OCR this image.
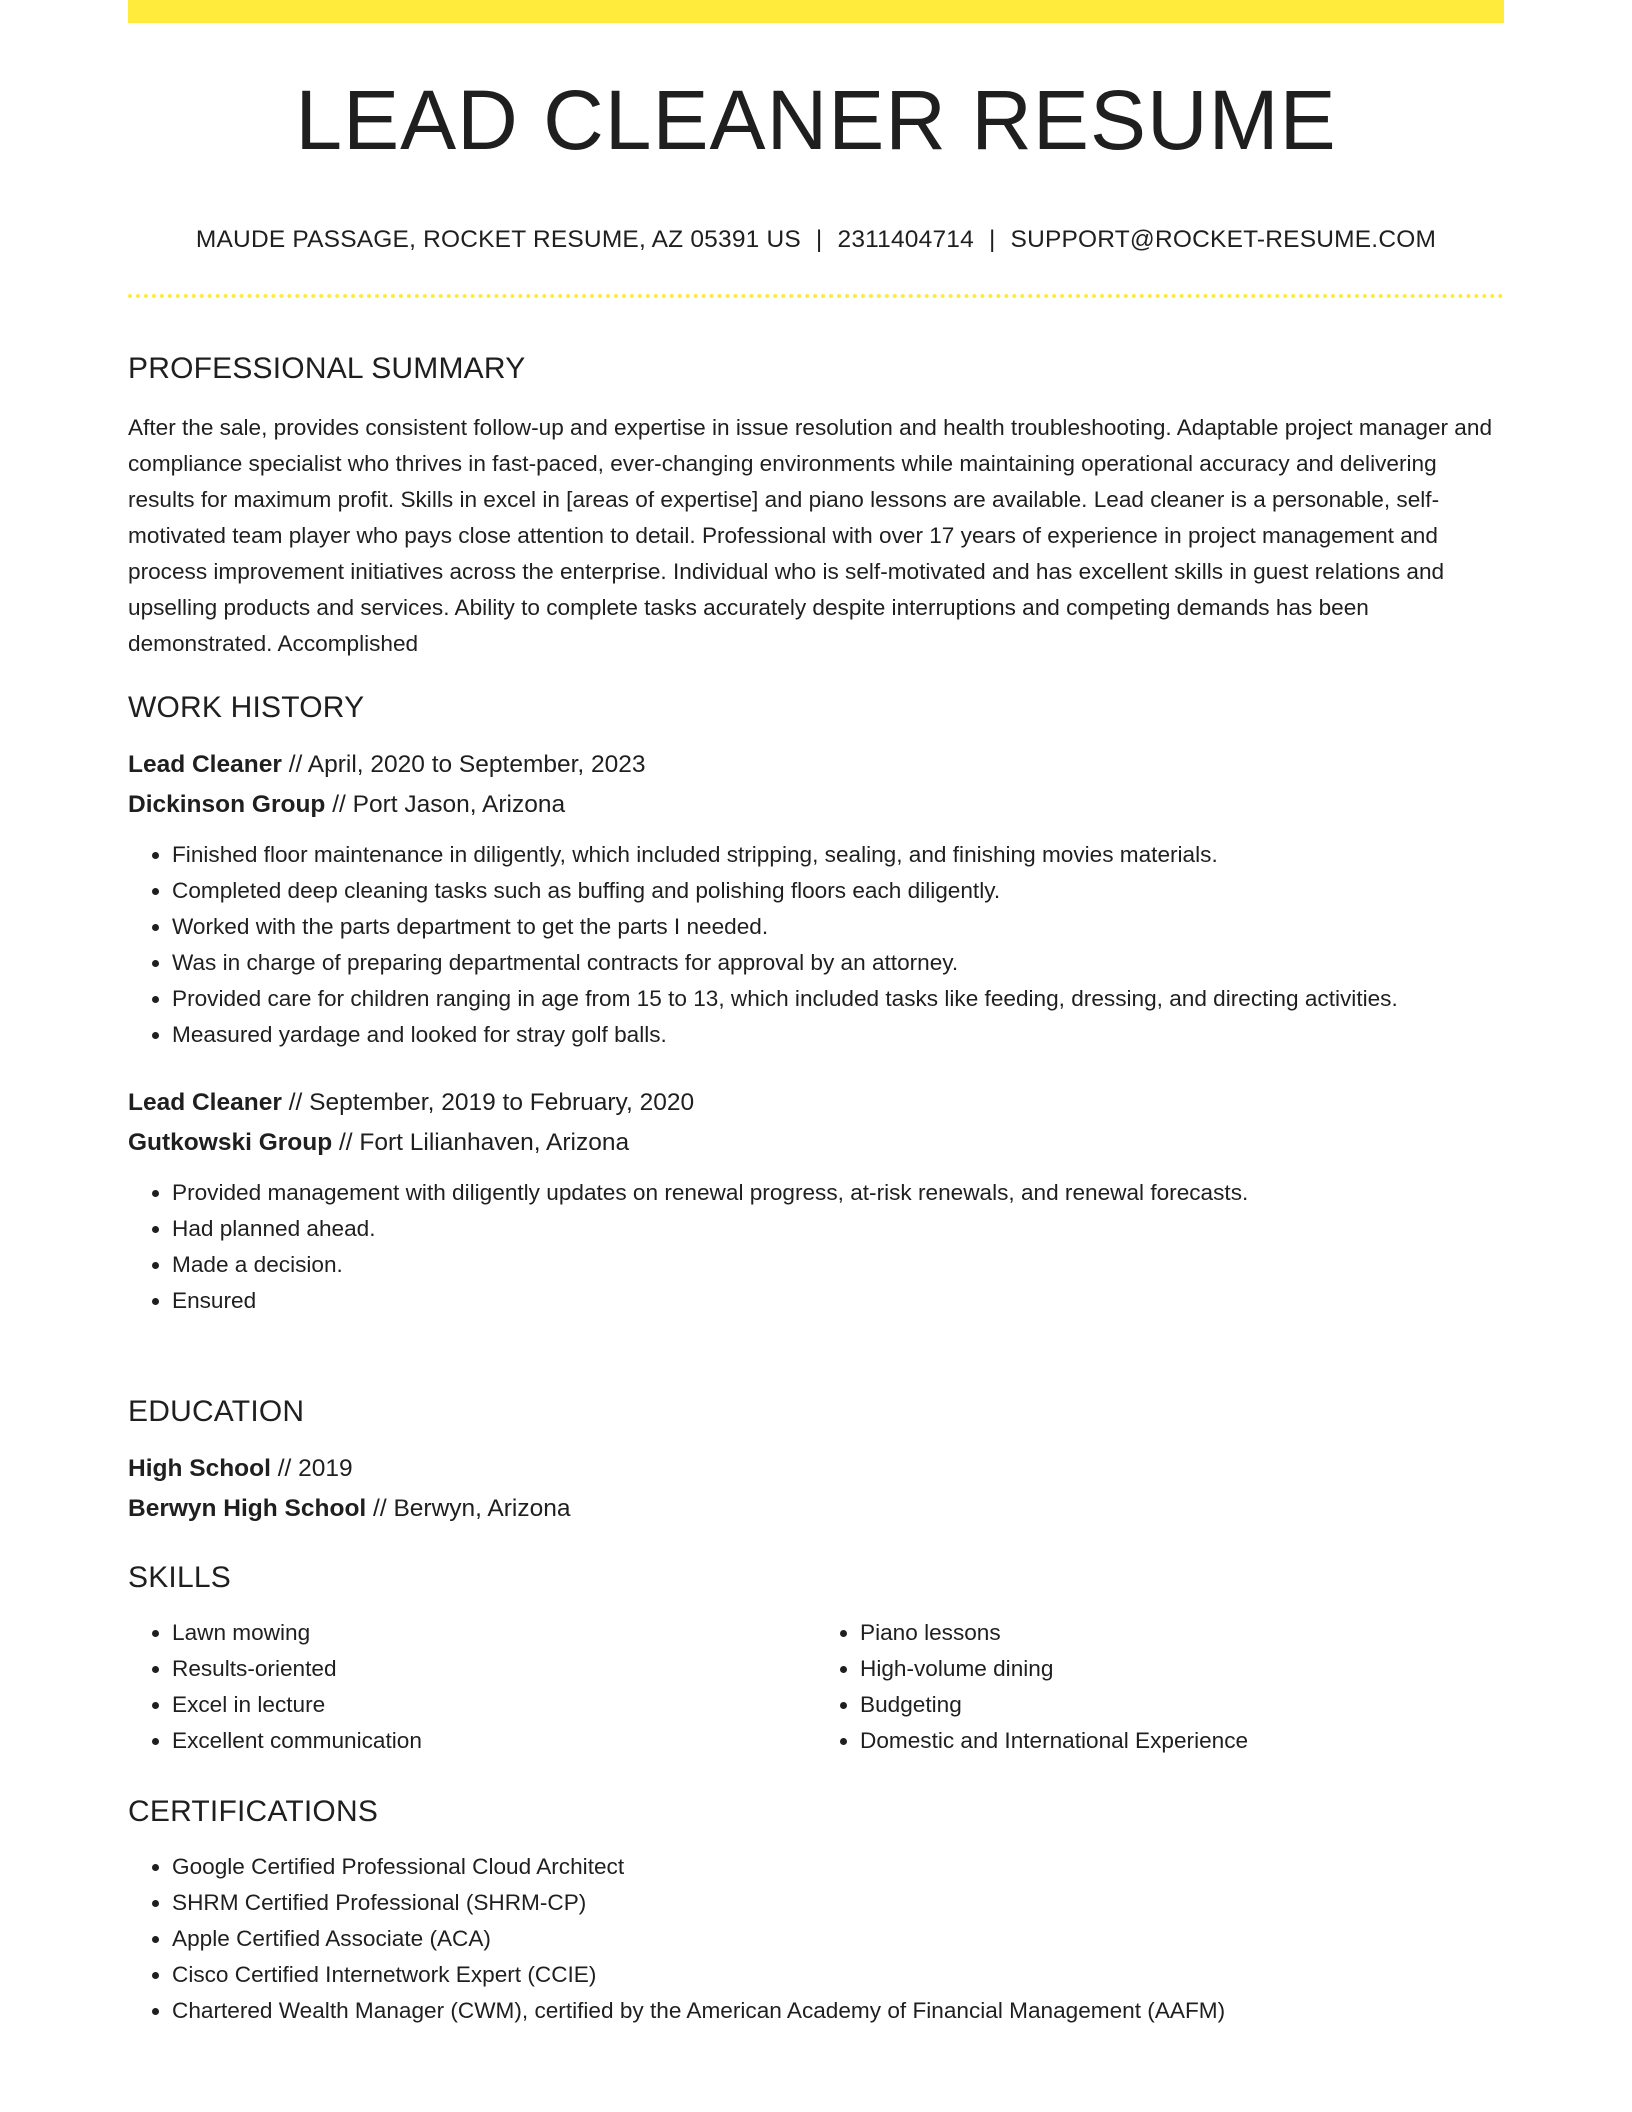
LEAD CLEANER RESUME
MAUDE PASSAGE, ROCKET RESUME, AZ 05391 US | 2311404714 | SUPPORT@ROCKET-RESUME.COM
PROFESSIONAL SUMMARY

After the sale, provides consistent follow-up and expertise in issue resolution and health troubleshooting. Adaptable project manager and compliance specialist who thrives in fast-paced, ever-changing environments while maintaining operational accuracy and delivering results for maximum profit. Skills in excel in [areas of expertise] and piano lessons are available. Lead cleaner is a personable, self-motivated team player who pays close attention to detail. Professional with over 17 years of experience in project management and process improvement initiatives across the enterprise. Individual who is self-motivated and has excellent skills in guest relations and upselling products and services. Ability to complete tasks accurately despite interruptions and competing demands has been demonstrated. Accomplished

WORK HISTORY

Lead Cleaner // April, 2020 to September, 2023

Dickinson Group // Port Jason, Arizona

• Finished floor maintenance in diligently, which included stripping, sealing, and finishing movies materials.
• Completed deep cleaning tasks such as buffing and polishing floors each diligently.
• Worked with the parts department to get the parts I needed.
• Was in charge of preparing departmental contracts for approval by an attorney.
• Provided care for children ranging in age from 15 to 13, which included tasks like feeding, dressing, and directing activities.
• Measured yardage and looked for stray golf balls.

Lead Cleaner // September, 2019 to February, 2020

Gutkowski Group // Fort Lilianhaven, Arizona

• Provided management with diligently updates on renewal progress, at-risk renewals, and renewal forecasts.
• Had planned ahead.
• Made a decision.
• Ensured
EDUCATION

High School // 2019

Berwyn High School // Berwyn, Arizona

SKILLS
• Lawn mowing
• Results-oriented
• Excel in lecture
• Excellent communication
• Piano lessons
• High-volume dining
• Budgeting
• Domestic and International Experience
CERTIFICATIONS
• Google Certified Professional Cloud Architect
• SHRM Certified Professional (SHRM-CP)
• Apple Certified Associate (ACA)
• Cisco Certified Internetwork Expert (CCIE)
• Chartered Wealth Manager (CWM), certified by the American Academy of Financial Management (AAFM)
